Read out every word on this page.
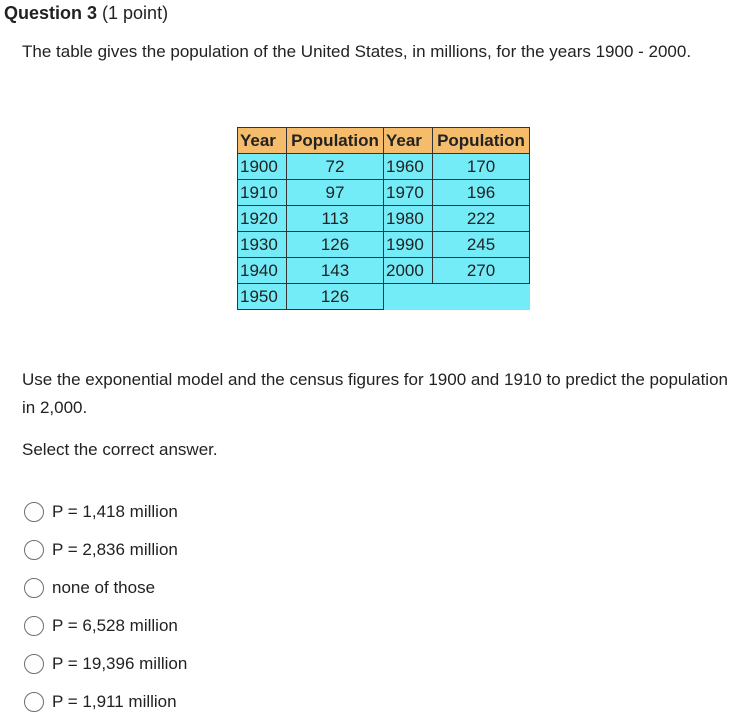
Question 3 (1 point)
The table gives the population of the United States, in millions, for the years 1900 - 2000.
Year	Population	Year	Population
1900	72	1960	170
1910	97	1970	196
1920	113	1980	222
1930	126	1990	245
1940	143	2000	270
1950	126		
Use the exponential model and the census figures for 1900 and 1910 to predict the population in 2,000.
Select the correct answer.
P = 1,418 million
P = 2,836 million
none of those
P = 6,528 million
P = 19,396 million
P = 1,911 million
